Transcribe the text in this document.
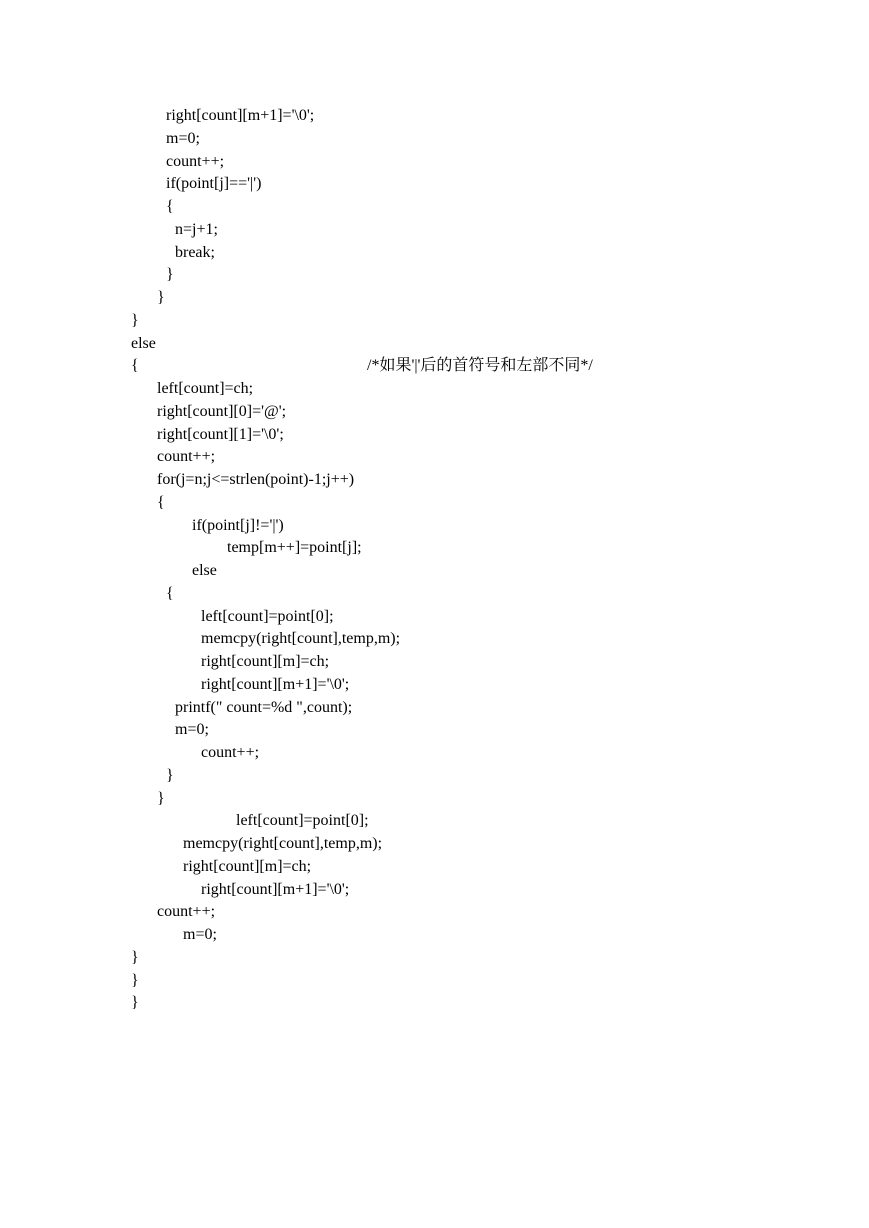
right[count][m+1]='\0';
m=0;
count++;
if(point[j]=='|')
{
n=j+1;
break;
}
}
}
else
{	/*如果'|'后的首符号和左部不同*/
left[count]=ch;
right[count][0]='@';
right[count][1]='\0';
count++;
for(j=n;j<=strlen(point)-1;j++)
{
if(point[j]!='|')
temp[m++]=point[j];
else
{
left[count]=point[0];
memcpy(right[count],temp,m);
right[count][m]=ch;
right[count][m+1]='\0';
printf(" count=%d ",count);
m=0;
count++;
}
}
left[count]=point[0];
memcpy(right[count],temp,m);
right[count][m]=ch;
right[count][m+1]='\0';
count++;
m=0;
}
}
}
